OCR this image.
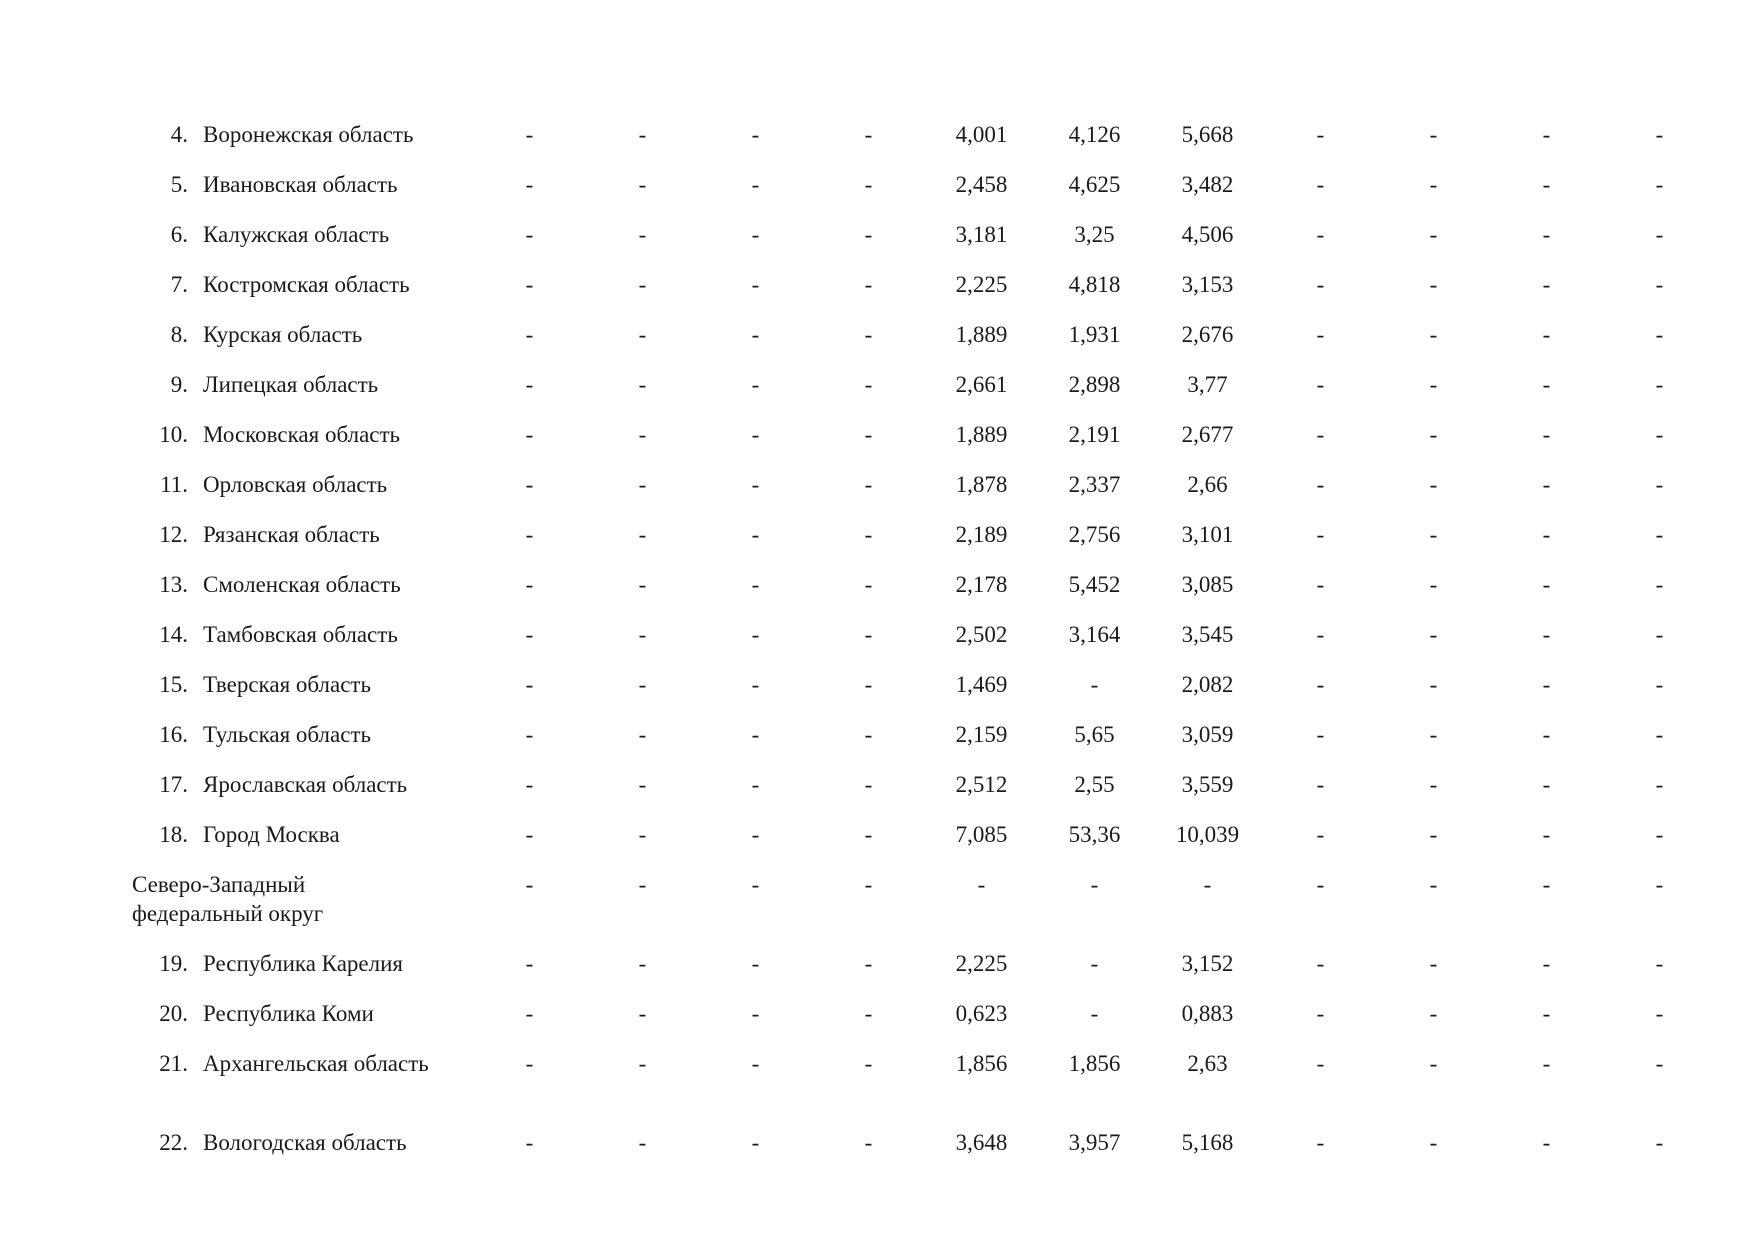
4.	Воронежская область	-	-	-	-	4,001	4,126	5,668	-	-	-	-
5.	Ивановская область	-	-	-	-	2,458	4,625	3,482	-	-	-	-
6.	Калужская область	-	-	-	-	3,181	3,25	4,506	-	-	-	-
7.	Костромская область	-	-	-	-	2,225	4,818	3,153	-	-	-	-
8.	Курская область	-	-	-	-	1,889	1,931	2,676	-	-	-	-
9.	Липецкая область	-	-	-	-	2,661	2,898	3,77	-	-	-	-
10.	Московская область	-	-	-	-	1,889	2,191	2,677	-	-	-	-
11.	Орловская область	-	-	-	-	1,878	2,337	2,66	-	-	-	-
12.	Рязанская область	-	-	-	-	2,189	2,756	3,101	-	-	-	-
13.	Смоленская область	-	-	-	-	2,178	5,452	3,085	-	-	-	-
14.	Тамбовская область	-	-	-	-	2,502	3,164	3,545	-	-	-	-
15.	Тверская область	-	-	-	-	1,469	-	2,082	-	-	-	-
16.	Тульская область	-	-	-	-	2,159	5,65	3,059	-	-	-	-
17.	Ярославская область	-	-	-	-	2,512	2,55	3,559	-	-	-	-
18.	Город Москва	-	-	-	-	7,085	53,36	10,039	-	-	-	-
Северо-Западный федеральный округ	-	-	-	-	-	-	-	-	-	-	-
19.	Республика Карелия	-	-	-	-	2,225	-	3,152	-	-	-	-
20.	Республика Коми	-	-	-	-	0,623	-	0,883	-	-	-	-
21.	Архангельская область	-	-	-	-	1,856	1,856	2,63	-	-	-	-
22.	Вологодская область	-	-	-	-	3,648	3,957	5,168	-	-	-	-
